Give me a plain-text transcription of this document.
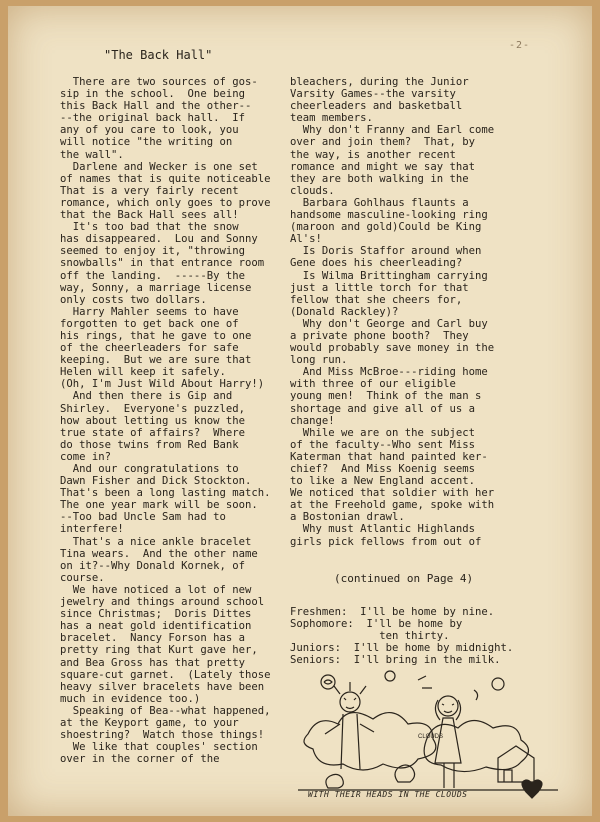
-2-
"The Back Hall"

There are two sources of gos-

sip in the school.  One being

this Back Hall and the other--

--the original back hall.  If

any of you care to look, you

will notice "the writing on

the wall".

Darlene and Wecker is one set

of names that is quite noticeable

That is a very fairly recent

romance, which only goes to prove

that the Back Hall sees all!

It's too bad that the snow

has disappeared.  Lou and Sonny

seemed to enjoy it, "throwing

snowballs" in that entrance room

off the landing.  -----By the

way, Sonny, a marriage license

only costs two dollars.

Harry Mahler seems to have

forgotten to get back one of

his rings, that he gave to one

of the cheerleaders for safe

keeping.  But we are sure that

Helen will keep it safely.

(Oh, I'm Just Wild About Harry!)

And then there is Gip and

Shirley.  Everyone's puzzled,

how about letting us know the

true state of affairs?  Where

do those twins from Red Bank

come in?

And our congratulations to

Dawn Fisher and Dick Stockton.

That's been a long lasting match.

The one year mark will be soon.

--Too bad Uncle Sam had to

interfere!

That's a nice ankle bracelet

Tina wears.  And the other name

on it?--Why Donald Kornek, of

course.

We have noticed a lot of new

jewelry and things around school

since Christmas;  Doris Dittes

has a neat gold identification

bracelet.  Nancy Forson has a

pretty ring that Kurt gave her,

and Bea Gross has that pretty

square-cut garnet.  (Lately those

heavy silver bracelets have been

much in evidence too.)

Speaking of Bea--what happened,

at the Keyport game, to your

shoestring?  Watch those things!

We like that couples' section

over in the corner of the

bleachers, during the Junior

Varsity Games--the varsity

cheerleaders and basketball

team members.

Why don't Franny and Earl come

over and join them?  That, by

the way, is another recent

romance and might we say that

they are both walking in the

clouds.

Barbara Gohlhaus flaunts a

handsome masculine-looking ring

(maroon and gold)Could be King

Al's!

Is Doris Staffor around when

Gene does his cheerleading?

Is Wilma Brittingham carrying

just a little torch for that

fellow that she cheers for,

(Donald Rackley)?

Why don't George and Carl buy

a private phone booth?  They

would probably save money in the

long run.

And Miss McBroe---riding home

with three of our eligible

young men!  Think of the man s

shortage and give all of us a

change!

While we are on the subject

of the faculty--Who sent Miss

Katerman that hand painted ker-

chief?  And Miss Koenig seems

to like a New England accent.

We noticed that soldier with her

at the Freehold game, spoke with

a Bostonian drawl.

Why must Atlantic Highlands

girls pick fellows from out of

(continued on Page 4)

Freshmen:  I'll be home by nine.

Sophomore:  I'll be home by

ten thirty.

Juniors:  I'll be home by midnight.

Seniors:  I'll bring in the milk.

CLOUDS
WITH THEIR HEADS IN THE CLOUDS
